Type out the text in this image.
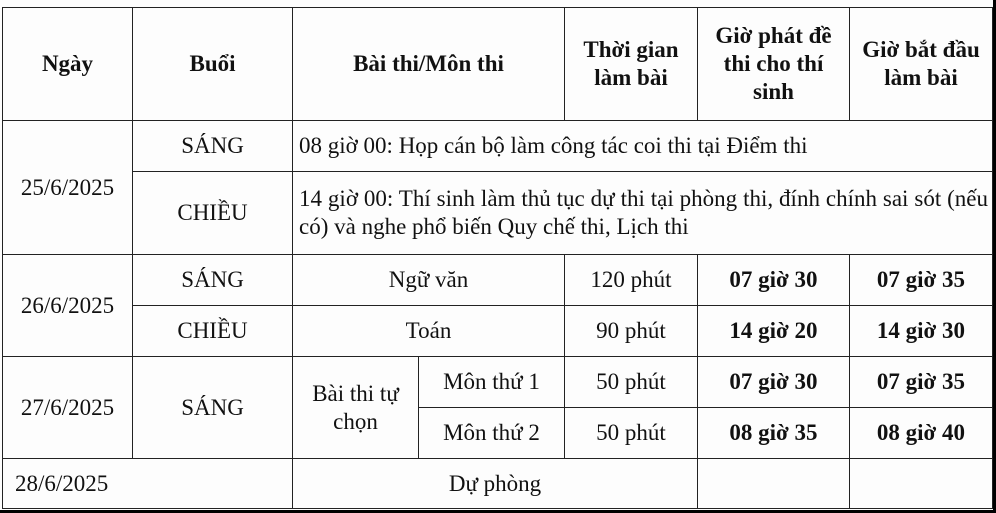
Ngày	Buổi	Bài thi/Môn thi		Thời gian làm bài	Giờ phát đề thi cho thí sinh	Giờ bắt đầu làm bài
25/6/2025	SÁNG	08 giờ 00: Họp cán bộ làm công tác coi thi tại Điểm thi				
	CHIỀU	14 giờ 00: Thí sinh làm thủ tục dự thi tại phòng thi, đính chính sai sót (nếu có) và nghe phổ biến Quy chế thi, Lịch thi				
26/6/2025	SÁNG	Ngữ văn		120 phút	07 giờ 30	07 giờ 35
	CHIỀU	Toán		90 phút	14 giờ 20	14 giờ 30
27/6/2025	SÁNG	Bài thi tự chọn	Môn thứ 1	50 phút	07 giờ 30	07 giờ 35
			Môn thứ 2	50 phút	08 giờ 35	08 giờ 40
28/6/2025		Dự phòng				
